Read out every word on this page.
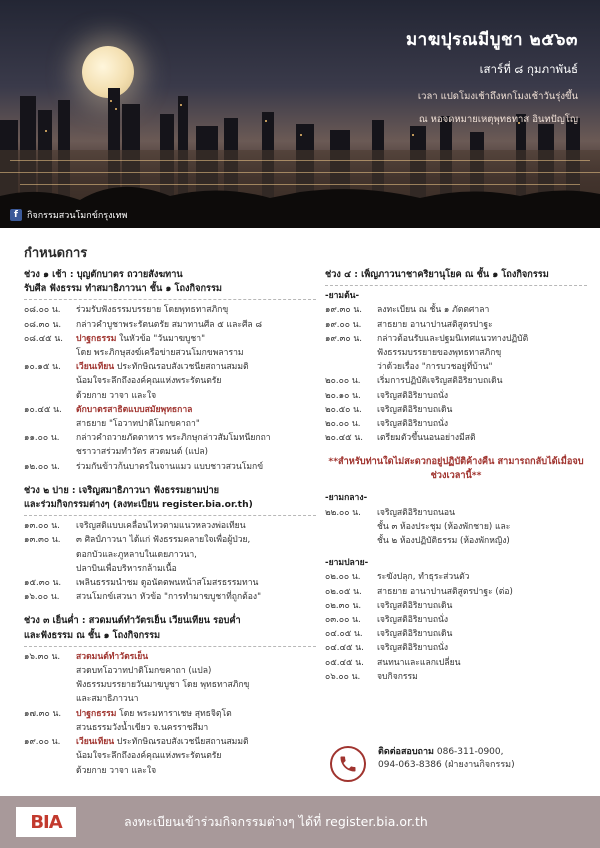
มาฆปุรณมีบูชา ๒๕๖๓
เสาร์ที่ ๘ กุมภาพันธ์
เวลา แปดโมงเช้าถึงหกโมงเช้าวันรุ่งขึ้น
ณ หอจดหมายเหตุพุทธทาส อินทปัญโญ
f	กิจกรรมสวนโมกข์กรุงเทพ
กำหนดการ
ช่วง ๑ เช้า : บุญตักบาตร ถวายสังฆทาน
รับศีล ฟังธรรม ทำสมาธิภาวนา ชั้น ๑ โถงกิจกรรม
๐๘.๐๐ น.	ร่วมรับฟังธรรมบรรยาย โดยพุทธทาสภิกขุ
๐๘.๓๐ น.	กล่าวคำบูชาพระรัตนตรัย สมาทานศีล ๕ และศีล ๘
๐๘.๔๕ น.	ปาฐกธรรม ในหัวข้อ "วันมาฆบูชา"
โดย พระภิกษุสงฆ์เครือข่ายสวนโมกขพลาราม
๑๐.๑๕ น.	เวียนเทียน ประทักษิณรอบสังเวชนียสถานสมมติ
น้อมใจระลึกถึงองค์คุณแห่งพระรัตนตรัย
ด้วยกาย วาจา และใจ
๑๐.๔๕ น.	ตักบาตรสาธิตแบบสมัยพุทธกาล
สาธยาย "โอวาทปาติโมกขคาถา"
๑๑.๐๐ น.	กล่าวคำถวายภัตตาหาร พระภิกษุกล่าวสัมโมทนียกถา
ชราวาสร่วมทำวัตร สวดมนต์ (แปล)
๑๒.๐๐ น.	ร่วมกันข้าวก้นบาตรในจานแมว แบบชาวสวนโมกข์
ช่วง ๒ บ่าย : เจริญสมาธิภาวนา ฟังธรรมยามบ่าย
และร่วมกิจกรรมต่างๆ (ลงทะเบียน register.bia.or.th)
๑๓.๐๐ น.	เจริญสติแบบเคลื่อนไหวตามแนวหลวงพ่อเทียน
๑๓.๓๐ น.	๓ ศิลป์ภาวนา ได้แก่ ฟังธรรมคลายใจเพื่อผู้ป่วย,
ดอกบัวและภูหลาบในเดยภาวนา,
ปลาบินเพื่อบริหารกล้ามเนื้อ
๑๕.๓๐ น.	เพลินธรรมนำชม ดูอนัตตพนหน้าสโมสรธรรมทาน
๑๖.๐๐ น.	สวนโมกข์เสวนา หัวข้อ "การทำมาฆบูชาที่ถูกต้อง"
ช่วง ๓ เย็นค่ำ : สวดมนต์ทำวัตรเย็น เวียนเทียน รอบค่ำ
และฟังธรรม ณ ชั้น ๑ โถงกิจกรรม
๑๖.๓๐ น.	สวดมนต์ทำวัตรเย็น
สวดบทโอวาทปาติโมกขคาถา (แปล)
ฟังธรรมบรรยายวันมาฆบูชา โดย พุทธทาสภิกขุ
และสมาธิภาวนา
๑๗.๓๐ น.	ปาฐกธรรม โดย พระมหาราเชษ สุทธจิตฺโต
สวนธรรมวังน้ำเขียว จ.นครราชสีมา
๑๙.๐๐ น.	เวียนเทียน ประทักษิณรอบสังเวชนียสถานสมมติ
น้อมใจระลึกถึงองค์คุณแห่งพระรัตนตรัย
ด้วยกาย วาจา และใจ
ช่วง ๔ : เพ็ญภาวนาชาคริยานุโยค ณ ชั้น ๑ โถงกิจกรรม
-ยามต้น-
๑๙.๓๐ น.	ลงทะเบียน ณ ชั้น ๑ ภัตตศาลา
๑๙.๐๐ น.	สาธยาย อานาปานสติสูตรปาฐะ
๑๙.๓๐ น.	กล่าวต้อนรับและปฐมนิเทศแนวทางปฏิบัติ
ฟังธรรมบรรยายของพุทธทาสภิกขุ
ว่าด้วยเรื่อง "การบวชอยู่ที่บ้าน"
๒๐.๐๐ น.	เริ่มการปฏิบัติเจริญสติอิริยาบถเดิน
๒๐.๑๐ น.	เจริญสติอิริยาบถนั่ง
๒๐.๕๐ น.	เจริญสติอิริยาบถเดิน
๒๐.๐๐ น.	เจริญสติอิริยาบถนั่ง
๒๐.๔๕ น.	เตรียมตัวขึ้นนอนอย่างมีสติ
**สำหรับท่านใดไม่สะดวกอยู่ปฏิบัติค้างคืน สามารถกลับได้เมื่อจบช่วงเวลานี้**
-ยามกลาง-
๒๒.๐๐ น.	เจริญสติอิริยาบถนอน
ชั้น ๓ ห้องประชุม (ห้องพักชาย) และ
ชั้น ๒ ห้องปฏิบัติธรรม (ห้องพักหญิง)
-ยามปลาย-
๐๒.๐๐ น.	ระฆังปลุก, ทำธุระส่วนตัว
๐๒.๐๕ น.	สาธยาย อานาปานสติสูตรปาฐะ (ต่อ)
๐๒.๓๐ น.	เจริญสติอิริยาบถเดิน
๐๓.๐๐ น.	เจริญสติอิริยาบถนั่ง
๐๔.๐๕ น.	เจริญสติอิริยาบถเดิน
๐๔.๔๕ น.	เจริญสติอิริยาบถนั่ง
๐๕.๔๕ น.	สนทนาและแลกเปลี่ยน
๐๖.๐๐ น.	จบกิจกรรม
ติดต่อสอบถาม 086-311-0900,
094-063-8386 (ฝ่ายงานกิจกรรม)
BIA	ลงทะเบียนเข้าร่วมกิจกรรมต่างๆ ได้ที่ register.bia.or.th
